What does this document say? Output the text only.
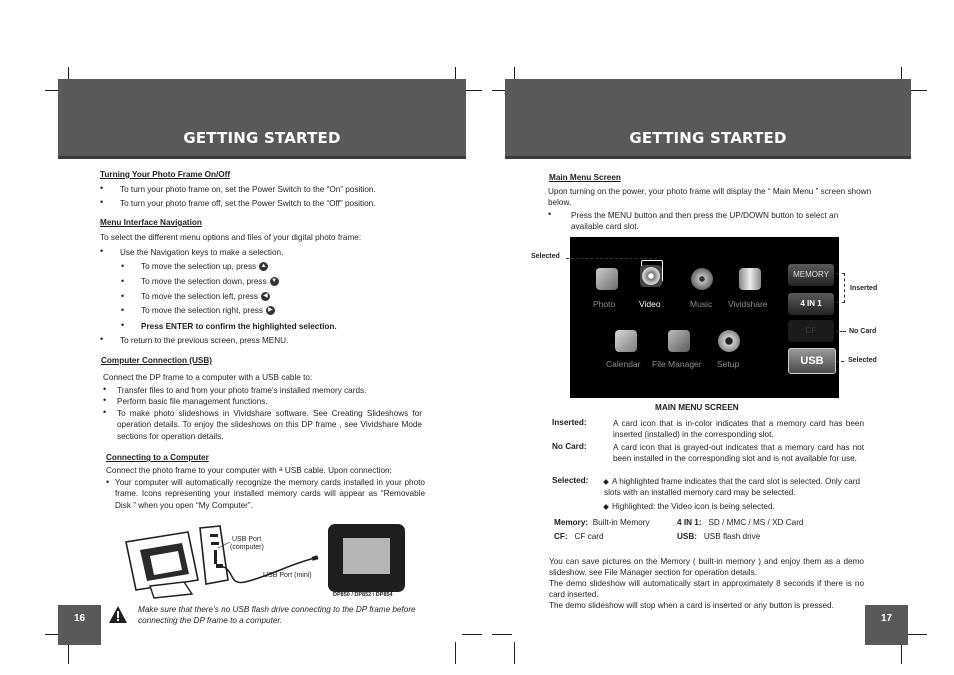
GETTING STARTED
Turning Your Photo Frame On/Off
• To turn your photo frame on, set the Power Switch to the “On” position.
• To turn your photo frame off, set the Power Switch to the “Off” position.
Menu Interface Navigation
To select the different menu options and files of your digital photo frame:
• Use the Navigation keys to make a selection.
• To move the selection up, press ▲
• To move the selection down, press ▼
• To move the selection left, press ◀
• To move the selection right, press ▶
• Press ENTER to confirm the highlighted selection.
• To return to the previous screen, press MENU.
Computer Connection (USB)
Connect the DP frame to a computer with a USB cable to:
• Transfer files to and from your photo frame’s installed memory cards.
• Perform basic file management functions.
• To make photo slideshows in Vividshare software. See Creating Slideshows for operation details. To enjoy the slideshows on this DP frame , see Vividshare Mode sections for operation details.
Connecting to a Computer
Connect the photo frame to your computer with $^a$ USB cable. Upon connection:
• Your computer will automatically recognize the memory cards installed in your photo frame. Icons representing your installed memory cards will appear as “Removable Disk ” when you open “My Computer”.
USB Port
(computer)
USB Port (mini)
DP850 / DP852 / DP854
Make sure that there’s no USB flash drive connecting to the DP frame before connecting the DP frame to a computer.
16
GETTING STARTED
Main Menu Screen
Upon turning on the power, your photo frame will display the “ Main Menu ” screen shown below.
• Press the MENU button and then press the UP/DOWN button to select an available card slot.
Photo	Video	Music Vividshare
Calendar File Manager Setup
MEMORY
4 IN 1
CF
USB
Selected
Inserted
No Card
Selected
MAIN MENU SCREEN
Inserted:	A card icon that is in-color indicates that a memory card has been inserted (installed) in the corresponding slot.
No Card:	A card icon that is grayed-out indicates that a memory card has not been installed in the corresponding slot and is not available for use.
Selected:	A highlighted frame indicates that the card slot is selected. Only card slots with an installed memory card may be selected.
Highlighted: the Video icon is being selected.
Memory: Built-in Memory	4 IN 1: SD / MMC / MS / XD Card
CF: CF card	USB: USB flash drive
You can save pictures on the Memory ( built-in memory ) and enjoy them as a demo slideshow. see File Manager section for operation details.
The demo slideshow will automatically start in approximately 8 seconds if there is no card inserted.
The demo slideshow will stop when a card is inserted or any button is pressed.
17
